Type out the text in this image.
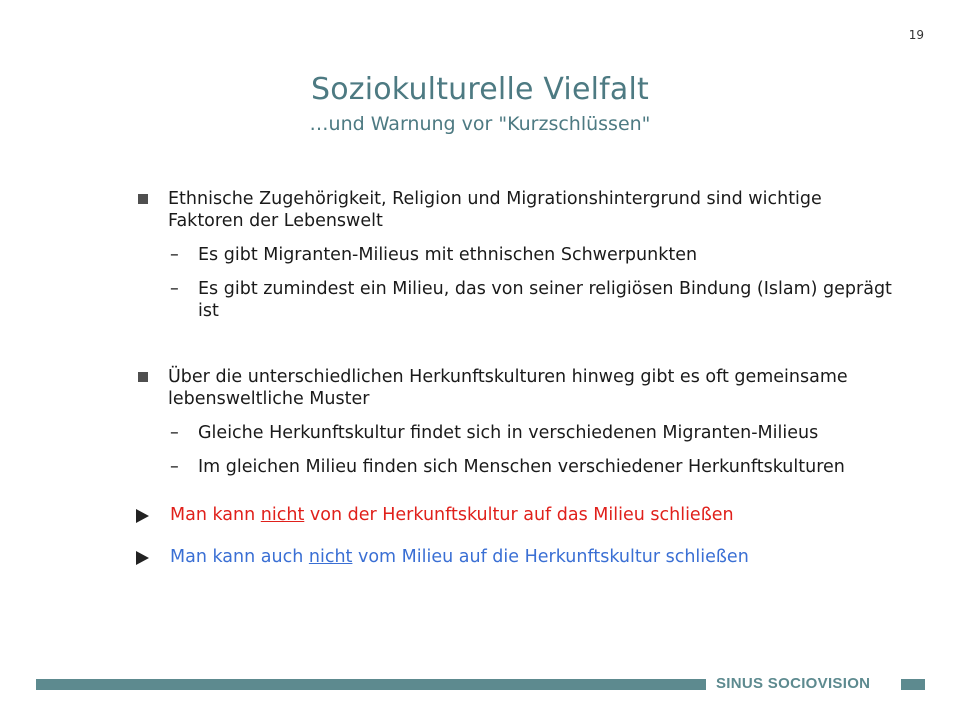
19
Soziokulturelle Vielfalt
…und Warnung vor "Kurzschlüssen"
Ethnische Zugehörigkeit, Religion und Migrationshintergrund sind wichtige Faktoren der Lebenswelt
– Es gibt Migranten-Milieus mit ethnischen Schwerpunkten
– Es gibt zumindest ein Milieu, das von seiner religiösen Bindung (Islam) geprägt ist
Über die unterschiedlichen Herkunftskulturen hinweg gibt es oft gemeinsame lebensweltliche Muster
– Gleiche Herkunftskultur findet sich in verschiedenen Migranten-Milieus
– Im gleichen Milieu finden sich Menschen verschiedener Herkunftskulturen
Man kann nicht von der Herkunftskultur auf das Milieu schließen
Man kann auch nicht vom Milieu auf die Herkunftskultur schließen
SINUS SOCIOVISION
